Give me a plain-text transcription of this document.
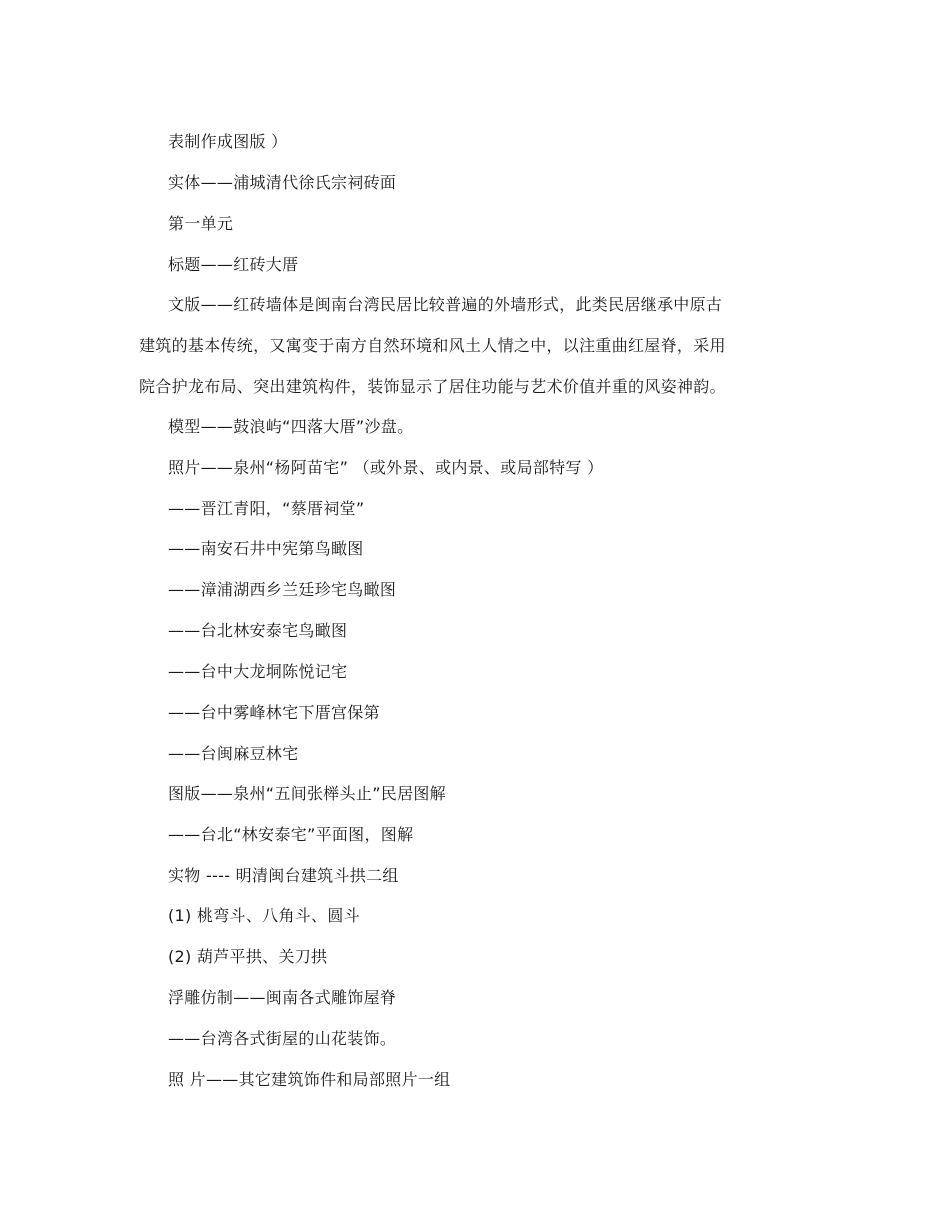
表制作成图版 ）
实体——浦城清代徐氏宗祠砖面
第一单元
标题——红砖大厝
文版——红砖墙体是闽南台湾民居比较普遍的外墙形式，此类民居继承中原古
建筑的基本传统，又寓变于南方自然环境和风土人情之中，以注重曲红屋脊，采用
院合护龙布局、突出建筑构件，装饰显示了居住功能与艺术价值并重的风姿神韵。
模型——鼓浪屿“四落大厝”沙盘。
照片——泉州“杨阿苗宅” （或外景、或内景、或局部特写 ）
——晋江青阳，“蔡厝祠堂”
——南安石井中宪第鸟瞰图
——漳浦湖西乡兰廷珍宅鸟瞰图
——台北林安泰宅鸟瞰图
——台中大龙垌陈悦记宅
——台中雾峰林宅下厝宫保第
——台闽麻豆林宅
图版——泉州“五间张榉头止”民居图解
——台北“林安泰宅”平面图，图解
实物 ---- 明清闽台建筑斗拱二组
(1) 桃弯斗、八角斗、圆斗
(2) 葫芦平拱、关刀拱
浮雕仿制——闽南各式雕饰屋脊
——台湾各式街屋的山花装饰。
照 片——其它建筑饰件和局部照片一组
